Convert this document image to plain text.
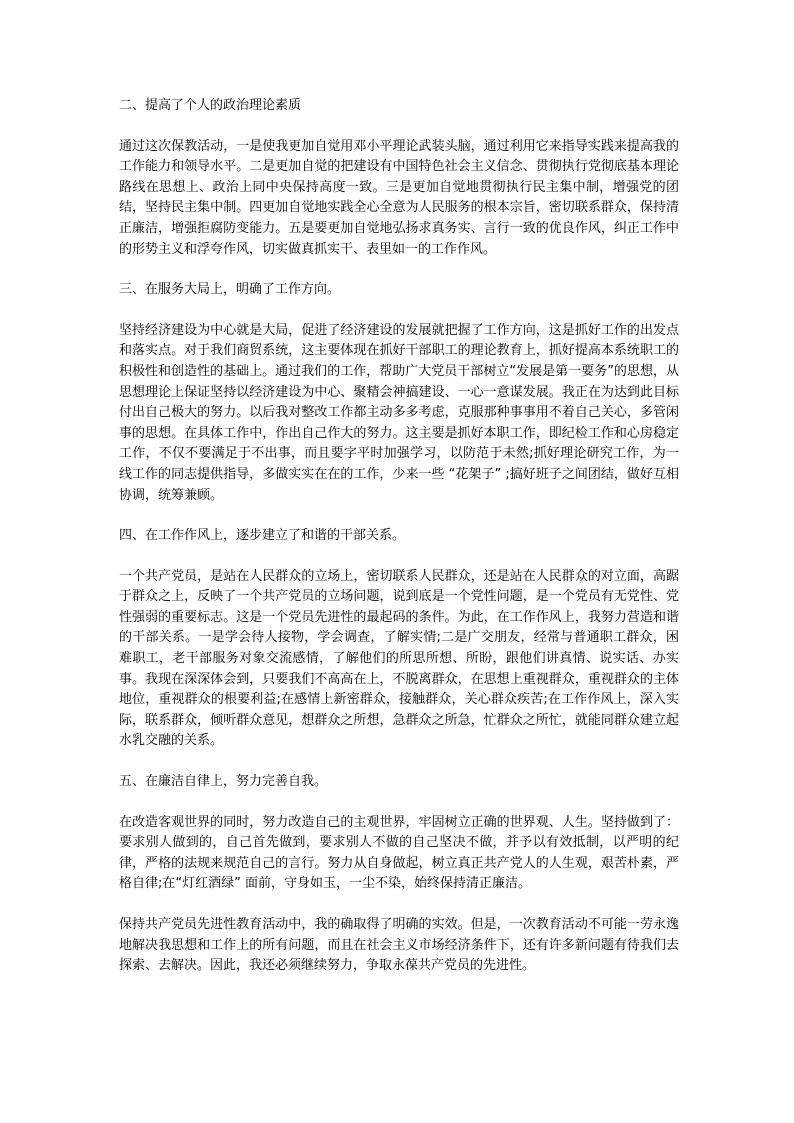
二、提高了个人的政治理论素质

通过这次保教活动，一是使我更加自觉用邓小平理论武装头脑，通过利用它来指导实践来提高我的工作能力和领导水平。二是更加自觉的把建设有中国特色社会主义信念、贯彻执行党彻底基本理论路线在思想上、政治上同中央保持高度一致。三是更加自觉地贯彻执行民主集中制，增强党的团结，坚持民主集中制。四更加自觉地实践全心全意为人民服务的根本宗旨，密切联系群众，保持清正廉洁，增强拒腐防变能力。五是要更加自觉地弘扬求真务实、言行一致的优良作风，纠正工作中的形势主义和浮夸作风，切实做真抓实干、表里如一的工作作风。

三、在服务大局上，明确了工作方向。

坚持经济建设为中心就是大局，促进了经济建设的发展就把握了工作方向，这是抓好工作的出发点和落实点。对于我们商贸系统，这主要体现在抓好干部职工的理论教育上，抓好提高本系统职工的积极性和创造性的基础上。通过我们的工作，帮助广大党员干部树立“发展是第一要务”的思想，从思想理论上保证坚持以经济建设为中心、聚精会神搞建设、一心一意谋发展。我正在为达到此目标付出自己极大的努力。以后我对整改工作都主动多多考虑，克服那种事事用不着自己关心，多管闲事的思想。在具体工作中，作出自己作大的努力。这主要是抓好本职工作，即纪检工作和心房稳定工作，不仅不要满足于不出事，而且要字平时加强学习，以防范于未然;抓好理论研究工作，为一线工作的同志提供指导，多做实实在在的工作，少来一些 “花架子” ;搞好班子之间团结，做好互相协调，统筹兼顾。

四、在工作作风上，逐步建立了和谐的干部关系。

一个共产党员，是站在人民群众的立场上，密切联系人民群众，还是站在人民群众的对立面，高踞于群众之上，反映了一个共产党员的立场问题，说到底是一个党性问题，是一个党员有无党性、党性强弱的重要标志。这是一个党员先进性的最起码的条件。为此，在工作作风上，我努力营造和谐的干部关系。一是学会待人接物，学会调查，了解实情;二是广交朋友，经常与普通职工群众，困难职工，老干部服务对象交流感情，了解他们的所思所想、所盼，跟他们讲真情、说实话、办实事。我现在深深体会到，只要我们不高高在上，不脱离群众，在思想上重视群众，重视群众的主体地位，重视群众的根要利益;在感情上新密群众，接触群众，关心群众疾苦;在工作作风上，深入实际，联系群众，倾听群众意见，想群众之所想，急群众之所急，忙群众之所忙，就能同群众建立起水乳交融的关系。

五、在廉洁自律上，努力完善自我。

在改造客观世界的同时，努力改造自己的主观世界，牢固树立正确的世界观、人生。坚持做到了：要求别人做到的，自己首先做到，要求别人不做的自己坚决不做，并予以有效抵制，以严明的纪律，严格的法规来规范自己的言行。努力从自身做起，树立真正共产党人的人生观，艰苦朴素，严格自律;在“灯红酒绿” 面前，守身如玉，一尘不染，始终保持清正廉洁。

保持共产党员先进性教育活动中，我的确取得了明确的实效。但是，一次教育活动不可能一劳永逸地解决我思想和工作上的所有问题，而且在社会主义市场经济条件下，还有许多新问题有待我们去探索、去解决。因此，我还必须继续努力，争取永葆共产党员的先进性。
